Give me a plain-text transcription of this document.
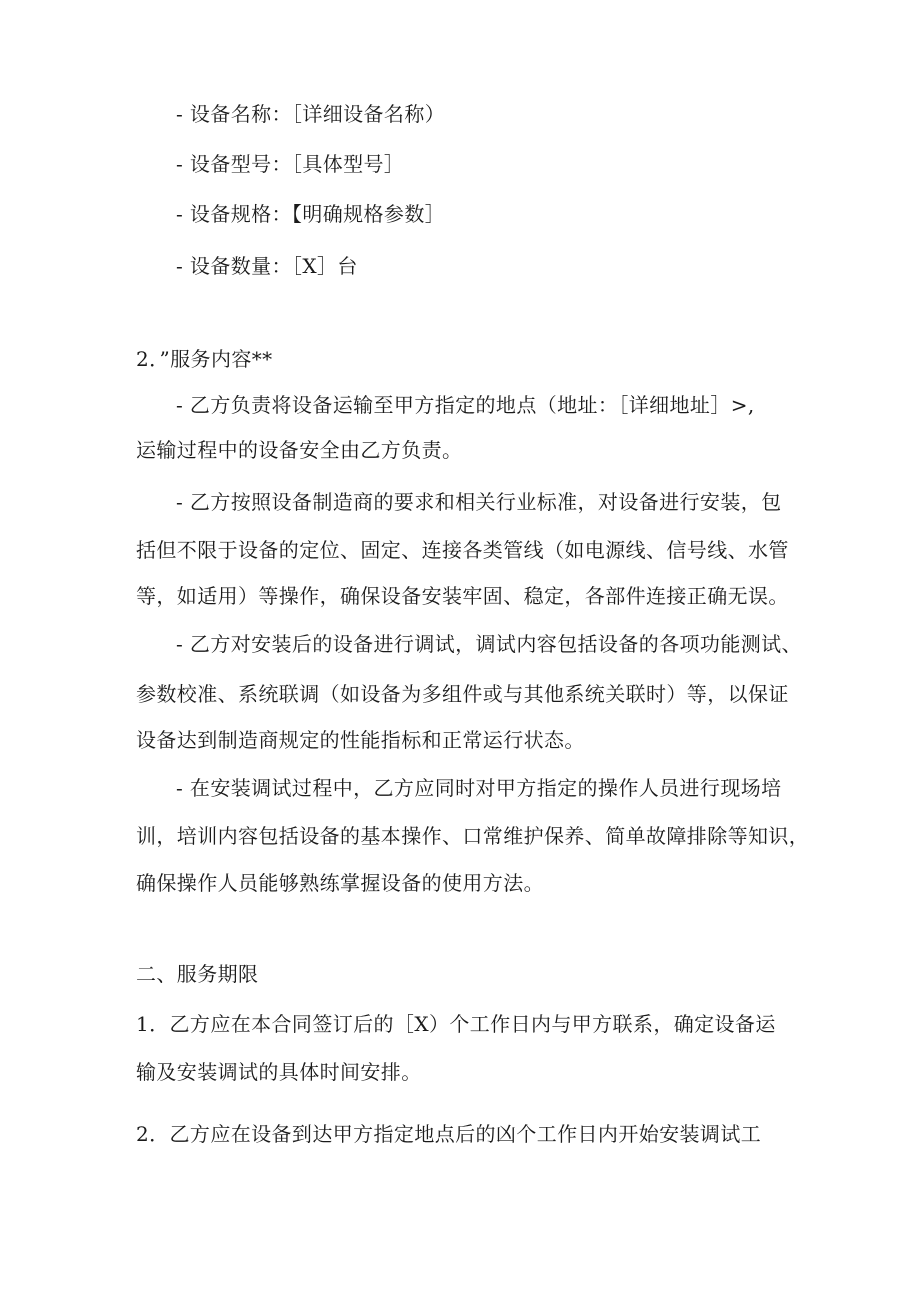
- 设备名称：［详细设备名称）
- 设备型号：［具体型号］
- 设备规格：【明确规格参数］
- 设备数量：［X］台
2．”服务内容**
- 乙方负责将设备运输至甲方指定的地点（地址：［详细地址］>,
运输过程中的设备安全由乙方负责。
- 乙方按照设备制造商的要求和相关行业标准，对设备进行安装，包
括但不限于设备的定位、固定、连接各类管线（如电源线、信号线、水管
等，如适用）等操作，确保设备安装牢固、稳定，各部件连接正确无误。
- 乙方对安装后的设备进行调试，调试内容包括设备的各项功能测试、
参数校准、系统联调（如设备为多组件或与其他系统关联时）等，以保证
设备达到制造商规定的性能指标和正常运行状态。
- 在安装调试过程中，乙方应同时对甲方指定的操作人员进行现场培
训，培训内容包括设备的基本操作、口常维护保养、简单故障排除等知识，
确保操作人员能够熟练掌握设备的使用方法。
二、服务期限
1．乙方应在本合同签订后的［X）个工作日内与甲方联系，确定设备运
输及安装调试的具体时间安排。
2．乙方应在设备到达甲方指定地点后的凶个工作日内开始安装调试工
